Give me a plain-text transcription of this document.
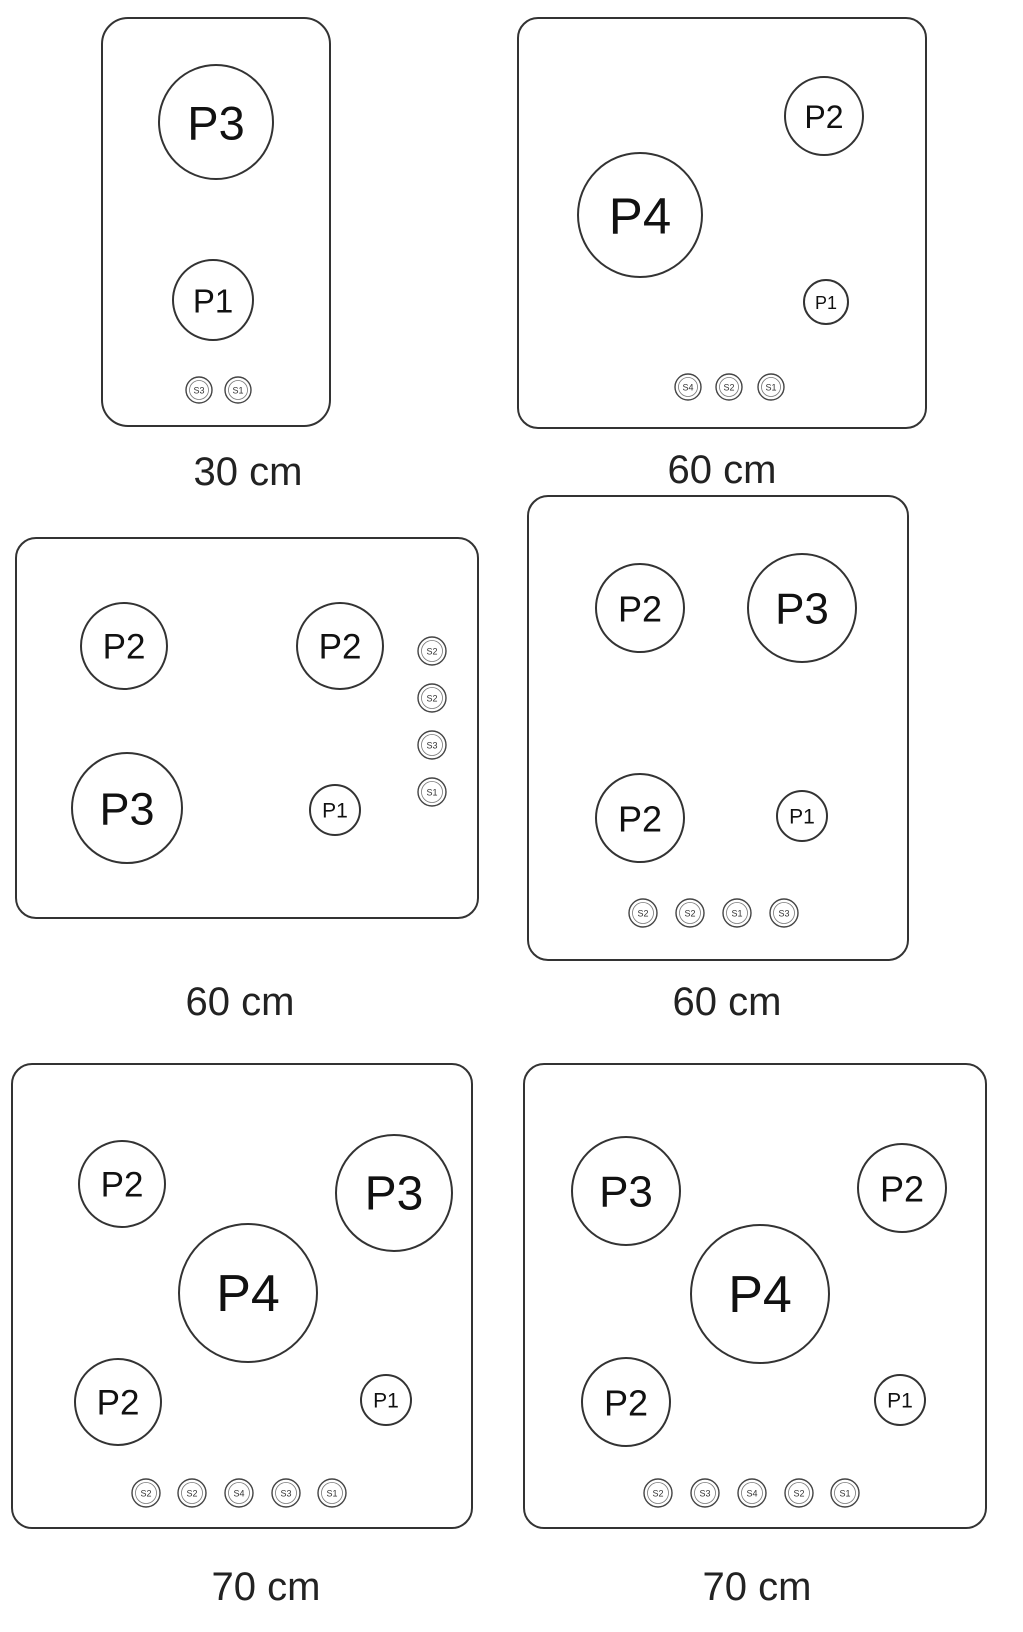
P3
P1
S3	S1
P2
P4
P1
S4	S2	S1
P2	P2
P3	P1
S2
S2
S3
S1
P2	P3
P2	P1
S2	S2	S1	S3
P2	P3
P4
P2	P1
S2	S2	S4	S3	S1
P3	P2
P4
P2	P1
S2	S3	S4	S2	S1
30 cm	60 cm
60 cm	60 cm
70 cm	70 cm
